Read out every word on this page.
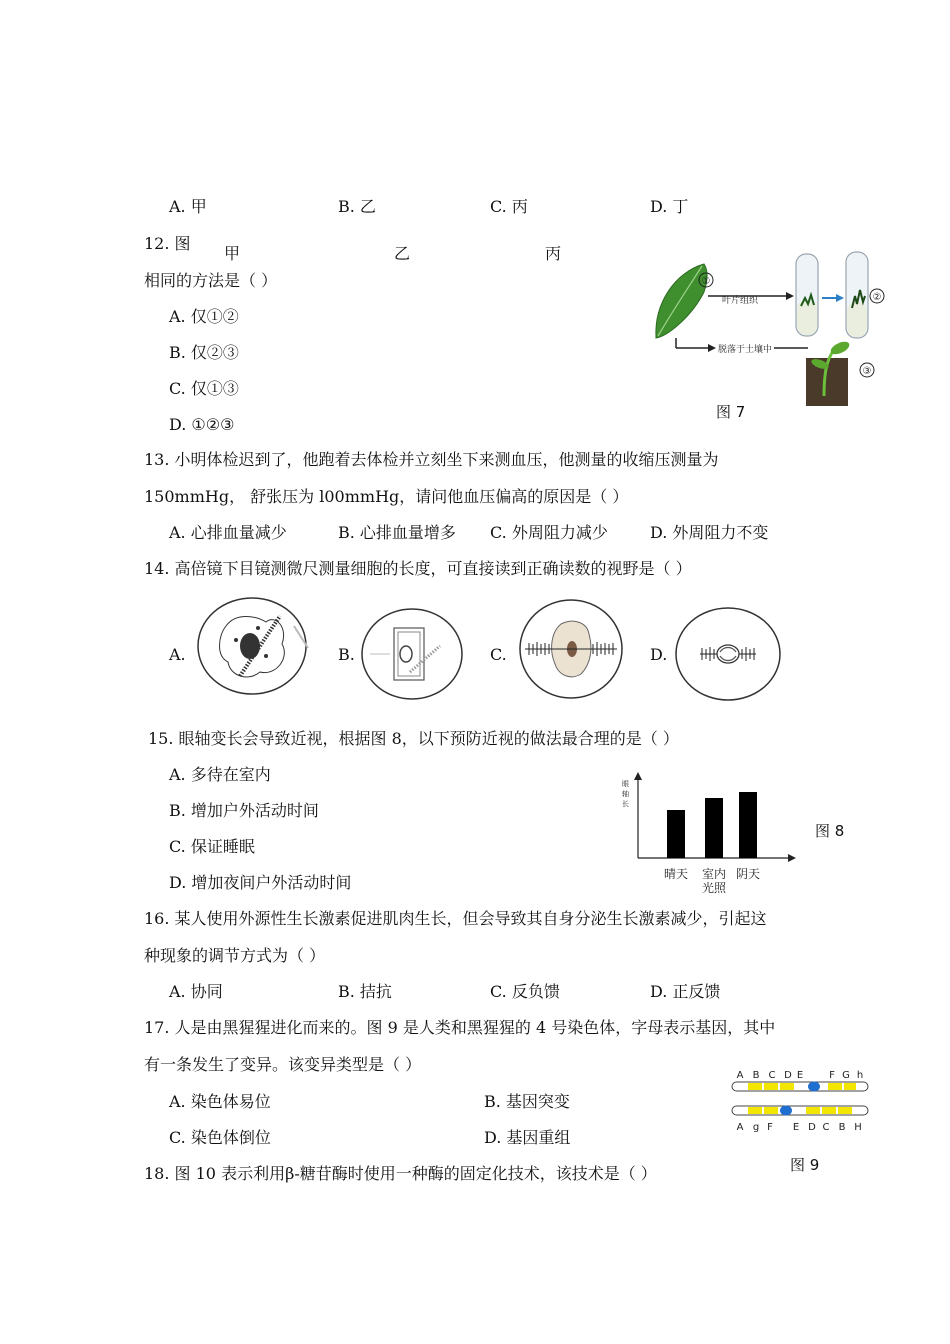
A. 甲	B. 乙	C. 丙	D. 丁
12. 图
甲	乙	丙
相同的方法是（ ）
A. 仅①②
B. 仅②③
C. 仅①③
D. ①②③
①
叶片组织	②
脱落于土壤中
③
图 7
13. 小明体检迟到了，他跑着去体检并立刻坐下来测血压，他测量的收缩压测量为
150mmHg， 舒张压为 l00mmHg，请问他血压偏高的原因是（ ）
A. 心排血量减少	B. 心排血量增多 C. 外周阻力减少	D. 外周阻力不变
14. 高倍镜下目镜测微尺测量细胞的长度，可直接读到正确读数的视野是（ ）
A.	B.	C.	D.
15. 眼轴变长会导致近视，根据图 8，以下预防近视的做法最合理的是（ ）
A. 多待在室内
B. 增加户外活动时间
C. 保证睡眠
D. 增加夜间户外活动时间
眼
轴
长
晴天 室内
光照
阴天
图 8
16. 某人使用外源性生长激素促进肌肉生长，但会导致其自身分泌生长激素减少，引起这
种现象的调节方式为（ ）
A. 协同	B. 拮抗	C. 反负馈	D. 正反馈
17. 人是由黑猩猩进化而来的。图 9 是人类和黑猩猩的 4 号染色体，字母表示基因，其中
有一条发生了变异。该变异类型是（ ）
A. 染色体易位	B. 基因突变
C. 染色体倒位	D. 基因重组
A B C D E	F G h
A g F E D C B H
图 9
18. 图 10 表示利用β-糖苷酶时使用一种酶的固定化技术，该技术是（ ）
